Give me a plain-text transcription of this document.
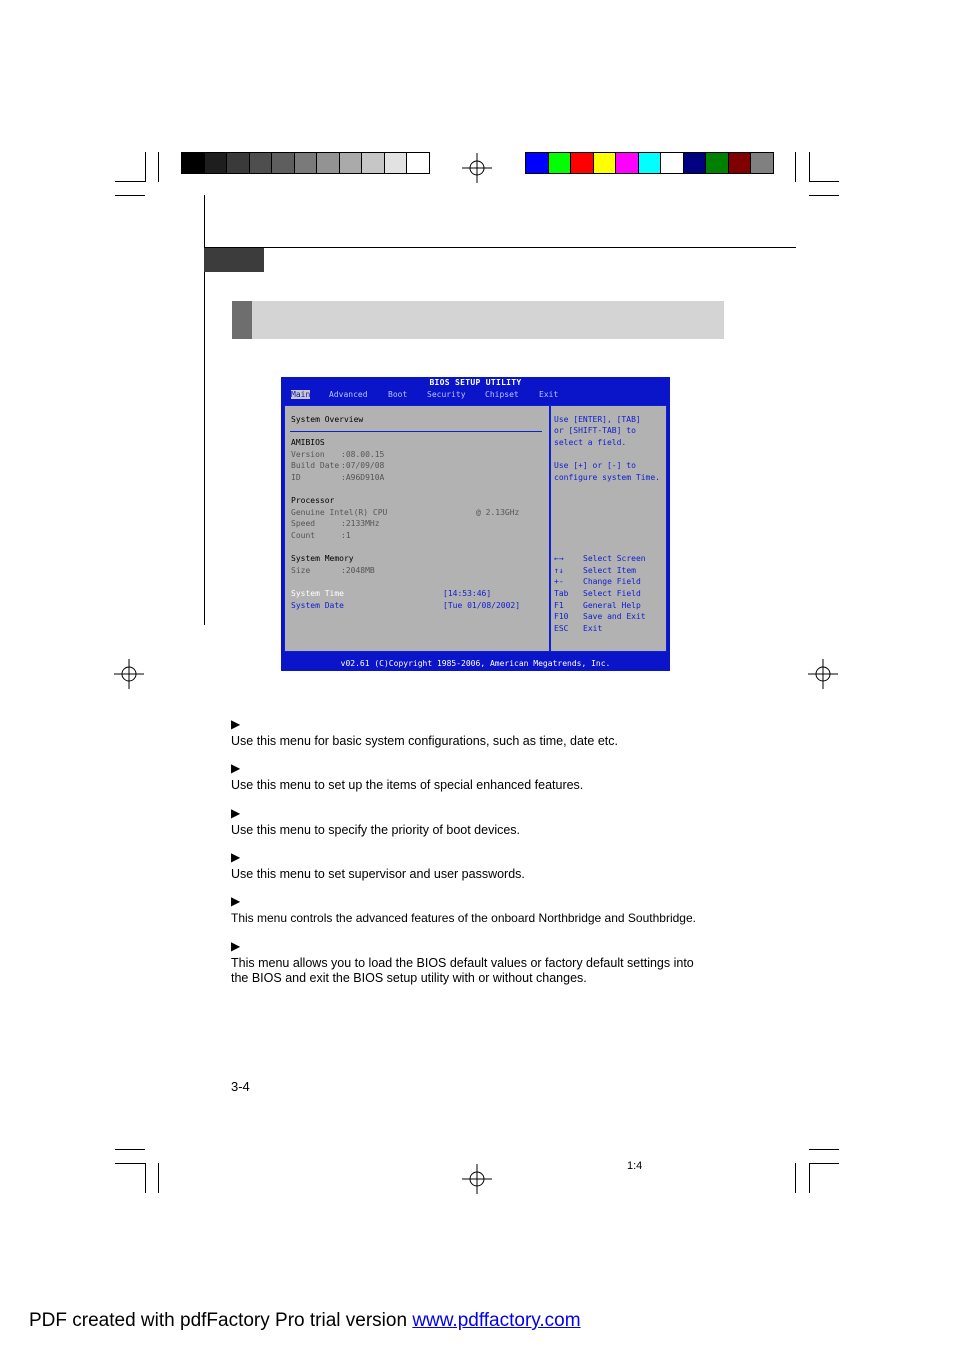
BIOS SETUP UTILITY
Main Advanced	Boot Security Chipset	Exit
System Overview
AMIBIOS
Version :08.00.15
Build Date :07/09/08
ID	:A96D910A
Processor
Genuine Intel(R) CPU	@ 2.13GHz
Speed	:2133MHz
Count	:1
System Memory
Size	:2048MB
System Time	[14:53:46]
System Date	[Tue 01/08/2002]
Use [ENTER], [TAB]
or [SHIFT-TAB] to
select a field.
Use [+] or [-] to
configure system Time.
←→ Select Screen
↑↓ Select Item
+- Change Field
Tab Select Field
F1 General Help
F10 Save and Exit
ESC Exit
v02.61 (C)Copyright 1985-2006, American Megatrends, Inc.
▶
Use this menu for basic system configurations, such as time, date etc.
▶
Use this menu to set up the items of special enhanced features.
▶
Use this menu to specify the priority of boot devices.
▶
Use this menu to set supervisor and user passwords.
▶
This menu controls the advanced features of the onboard Northbridge and Southbridge.
▶
This menu allows you to load the BIOS default values or factory default settings into
the BIOS and exit the BIOS setup utility with or without changes.
3-4
1:4
PDF created with pdfFactory Pro trial version www.pdffactory.com
